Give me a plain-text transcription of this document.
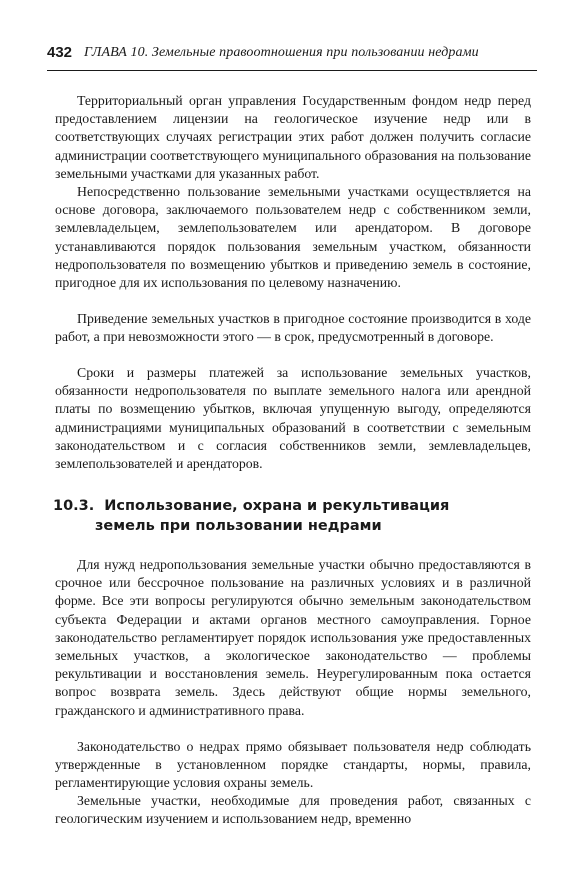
432 ГЛАВА 10. Земельные правоотношения при пользовании недрами

Территориальный орган управления Государственным фондом недр перед предоставлением лицензии на геологическое изучение недр или в соответствующих случаях регистрации этих работ должен получить согласие администрации соответствующего муниципального образования на пользование земельными участками для указанных работ.

Непосредственно пользование земельными участками осуществляется на основе договора, заключаемого пользователем недр с собственником земли, землевладельцем, землепользователем или арендатором. В договоре устанавливаются порядок пользования земельным участком, обязанности недропользователя по возмещению убытков и приведению земель в состояние, пригодное для их использования по целевому назначению.

Приведение земельных участков в пригодное состояние производится в ходе работ, а при невозможности этого — в срок, предусмотренный в договоре.

Сроки и размеры платежей за использование земельных участков, обязанности недропользователя по выплате земельного налога или арендной платы по возмещению убытков, включая упущенную выгоду, определяются администрациями муниципальных образований в соответствии с земельным законодательством и с согласия собственников земли, землевладельцев, землепользователей и арендаторов.

10.3. Использование, охрана и рекультивация
земель при пользовании недрами

Для нужд недропользования земельные участки обычно предоставляются в срочное или бессрочное пользование на различных условиях и в различной форме. Все эти вопросы регулируются обычно земельным законодательством субъекта Федерации и актами органов местного самоуправления. Горное законодательство регламентирует порядок использования уже предоставленных земельных участков, а экологическое законодательство — проблемы рекультивации и восстановления земель. Неурегулированным пока остается вопрос возврата земель. Здесь действуют общие нормы земельного, гражданского и административного права.

Законодательство о недрах прямо обязывает пользователя недр соблюдать утвержденные в установленном порядке стандарты, нормы, правила, регламентирующие условия охраны земель.

Земельные участки, необходимые для проведения работ, связанных с геологическим изучением и использованием недр, временно
